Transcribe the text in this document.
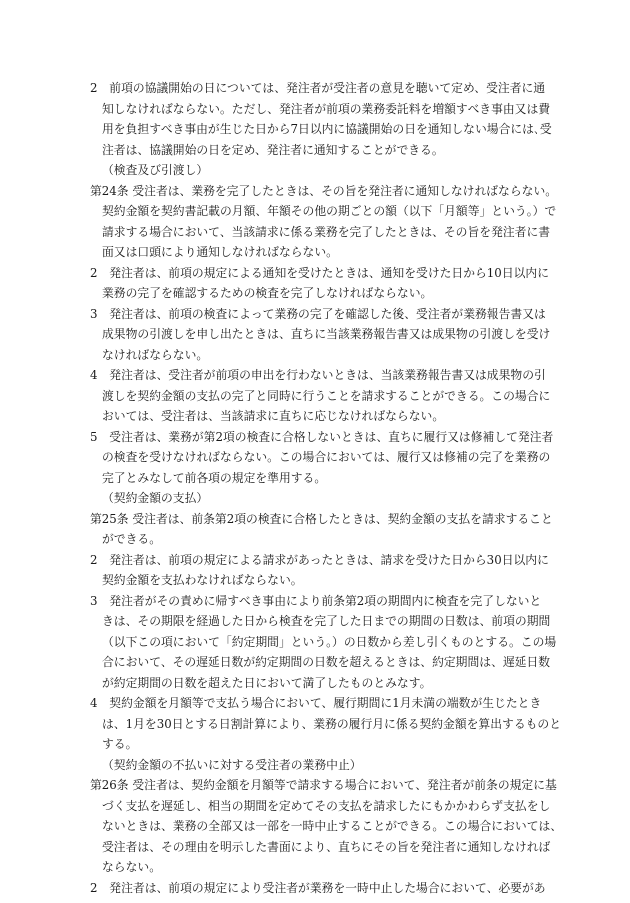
2　前項の協議開始の日については、発注者が受注者の意見を聴いて定め、受注者に通
知しなければならない。ただし、発注者が前項の業務委託料を増額すべき事由又は費
用を負担すべき事由が生じた日から7日以内に協議開始の日を通知しない場合には､受
注者は、協議開始の日を定め、発注者に通知することができる。
（検査及び引渡し）
第24条 受注者は、業務を完了したときは、その旨を発注者に通知しなければならない。
契約金額を契約書記載の月額、年額その他の期ごとの額（以下「月額等」という。）で
請求する場合において、当該請求に係る業務を完了したときは、その旨を発注者に書
面又は口頭により通知しなければならない。
2　発注者は、前項の規定による通知を受けたときは、通知を受けた日から10日以内に
業務の完了を確認するための検査を完了しなければならない。
3　発注者は、前項の検査によって業務の完了を確認した後、受注者が業務報告書又は
成果物の引渡しを申し出たときは、直ちに当該業務報告書又は成果物の引渡しを受け
なければならない。
4　発注者は、受注者が前項の申出を行わないときは、当該業務報告書又は成果物の引
渡しを契約金額の支払の完了と同時に行うことを請求することができる。この場合に
おいては、受注者は、当該請求に直ちに応じなければならない。
5　受注者は、業務が第2項の検査に合格しないときは、直ちに履行又は修補して発注者
の検査を受けなければならない。この場合においては、履行又は修補の完了を業務の
完了とみなして前各項の規定を準用する。
（契約金額の支払）
第25条 受注者は、前条第2項の検査に合格したときは、契約金額の支払を請求すること
ができる。
2　発注者は、前項の規定による請求があったときは、請求を受けた日から30日以内に
契約金額を支払わなければならない。
3　発注者がその責めに帰すべき事由により前条第2項の期間内に検査を完了しないと
きは、その期限を経過した日から検査を完了した日までの期間の日数は、前項の期間
（以下この項において「約定期間」という。）の日数から差し引くものとする。この場
合において、その遅延日数が約定期間の日数を超えるときは、約定期間は、遅延日数
が約定期間の日数を超えた日において満了したものとみなす。
4　契約金額を月額等で支払う場合において、履行期間に1月未満の端数が生じたとき
は、1月を30日とする日割計算により、業務の履行月に係る契約金額を算出するものと
する。
（契約金額の不払いに対する受注者の業務中止）
第26条 受注者は、契約金額を月額等で請求する場合において、発注者が前条の規定に基
づく支払を遅延し、相当の期間を定めてその支払を請求したにもかかわらず支払をし
ないときは、業務の全部又は一部を一時中止することができる。この場合においては、
受注者は、その理由を明示した書面により、直ちにその旨を発注者に通知しなければ
ならない。
2　発注者は、前項の規定により受注者が業務を一時中止した場合において、必要があ
